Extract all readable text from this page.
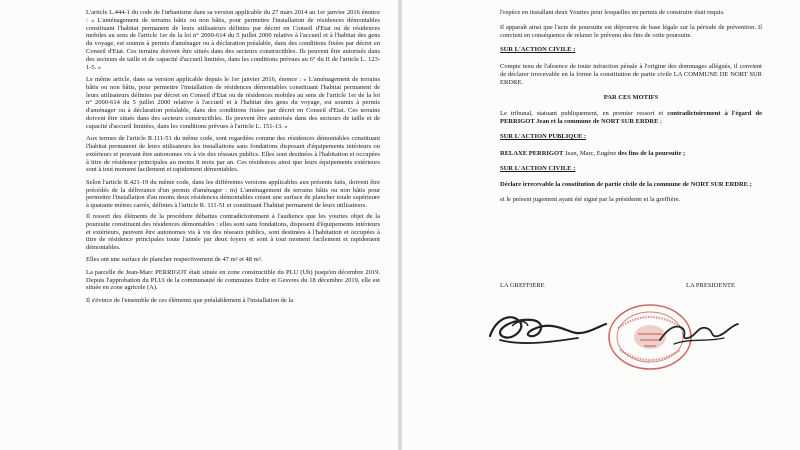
L'article L.444-1 du code de l'urbanisme dans sa version applicable du 27 mars 2014 au 1er janvier 2016 énonce : « L'aménagement de terrains bâtis ou non bâtis, pour permettre l'installation de résidences démontables constituant l'habitat permanent de leurs utilisateurs définies par décret en Conseil d'Etat ou de résidences mobiles au sens de l'article 1er de la loi n° 2000-614 du 5 juillet 2000 relative à l'accueil et à l'habitat des gens du voyage, est soumis à permis d'aménager ou à déclaration préalable, dans des conditions fixées par décret en Conseil d'Etat. Ces terrains doivent être situés dans des secteurs constructibles. Ils peuvent être autorisés dans des secteurs de taille et de capacité d'accueil limitées, dans les conditions prévues au 6° du II de l'article L. 123-1-5. »

Le même article, dans sa version applicable depuis le 1er janvier 2016, énonce : « L'aménagement de terrains bâtis ou non bâtis, pour permettre l'installation de résidences démontables constituant l'habitat permanent de leurs utilisateurs définies par décret en Conseil d'Etat ou de résidences mobiles au sens de l'article 1er de la loi n° 2000-614 du 5 juillet 2000 relative à l'accueil et à l'habitat des gens du voyage, est soumis à permis d'aménager ou à déclaration préalable, dans des conditions fixées par décret en Conseil d'Etat. Ces terrains doivent être situés dans des secteurs constructibles. Ils peuvent être autorisés dans des secteurs de taille et de capacité d'accueil limitées, dans les conditions prévues à l'article L. 151-13. »

Aux termes de l'article R.111-51 du même code, sont regardées comme des résidences démontables constituant l'habitat permanent de leurs utilisateurs les installations sans fondations disposant d'équipements intérieurs ou extérieurs et pouvant être autonomes vis à vis des réseaux publics. Elles sont destinées à l'habitation et occupées à titre de résidence principales au moins 8 mois par an. Ces résidences ainsi que leurs équipements extérieurs sont à tout moment facilement et rapidement démontables.

Selon l'article R.421-19 du même code, dans les différentes versions applicables aux présents faits, doivent être précédés de la délivrance d'un permis d'aménager : m) L'aménagement de terrains bâtis ou non bâtis pour permettre l'installation d'au moins deux résidences démontables créant une surface de plancher totale supérieure à quarante mètres carrés, définies à l'article R. 111-51 et constituant l'habitat permanent de leurs utilisateurs.

Il ressort des éléments de la procédure débattus contradictoirement à l'audience que les yourtes objet de la poursuite constituent des résidences démontables : elles sont sans fondations, disposent d'équipements intérieurs et extérieurs, peuvent être autonomes vis à vis des réseaux publics, sont destinées à l'habitation et occupées à titre de résidence principales toute l'année par deux foyers et sont à tout moment facilement et rapidement démontables.

Elles ont une surface de plancher respectivement de 47 m² et 48 m².

La parcelle de Jean-Marc PERRIGOT était située en zone constructible du PLU (Uh) jusqu'en décembre 2019. Depuis l'approbation du PLUi de la communauté de communes Erdre et Gesvres du 18 décembre 2019, elle est située en zone agricole (A).

Il s'évince de l'ensemble de ces éléments que préalablement à l'installation de la

l'espèce en installant deux Yourtes pour lesquelles un permis de construire était requis.

Il apparaît ainsi que l'acte de poursuite est dépourvu de base légale sur la période de prévention. Il convient en conséquence de relaxer le prévenu des fins de cette poursuite.

SUR L'ACTION CIVILE :

Compte tenu de l'absence de toute infraction pénale à l'origine des dommages allégués, il convient de déclarer irrecevable en la forme la constitution de partie civile LA COMMUNE DE NORT SUR ERDRE.

PAR CES MOTIFS

Le tribunal, statuant publiquement, en premier ressort et contradictoirement à l'égard de PERRIGOT Jean et la commune de NORT SUR ERDRE ;

SUR L'ACTION PUBLIQUE :

RELAXE PERRIGOT Jean, Marc, Eugène des fins de la poursuite ;

SUR L'ACTION CIVILE :

Déclare irrecevable la constitution de partie civile de la commune de NORT SUR ERDRE ;

et le présent jugement ayant été signé par la présidente et la greffière.

LA GREFFIERE	LA PRESIDENTE
